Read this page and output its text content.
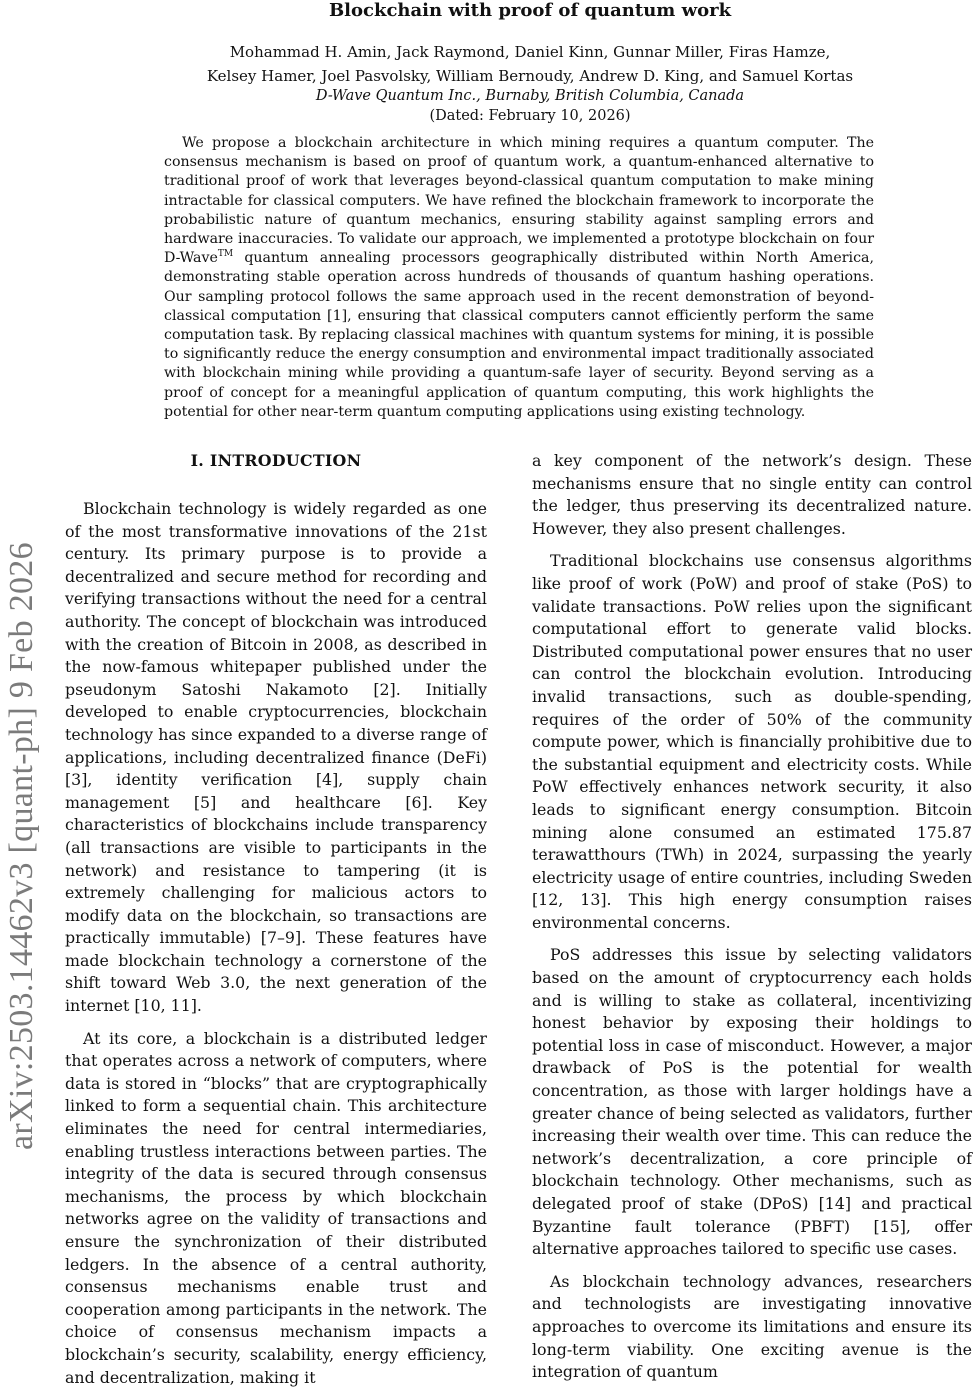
Blockchain with proof of quantum work
Mohammad H. Amin, Jack Raymond, Daniel Kinn, Gunnar Miller, Firas Hamze,
Kelsey Hamer, Joel Pasvolsky, William Bernoudy, Andrew D. King, and Samuel Kortas
D-Wave Quantum Inc., Burnaby, British Columbia, Canada
(Dated: February 10, 2026)
We propose a blockchain architecture in which mining requires a quantum computer. The consensus mechanism is based on proof of quantum work, a quantum-enhanced alternative to traditional proof of work that leverages beyond-classical quantum computation to make mining intractable for classical computers. We have refined the blockchain framework to incorporate the probabilistic nature of quantum mechanics, ensuring stability against sampling errors and hardware inaccuracies. To validate our approach, we implemented a prototype blockchain on four D-Wave™ quantum annealing processors geographically distributed within North America, demonstrating stable operation across hundreds of thousands of quantum hashing operations. Our sampling protocol follows the same approach used in the recent demonstration of beyond-classical computation [1], ensuring that classical computers cannot efficiently perform the same computation task. By replacing classical machines with quantum systems for mining, it is possible to significantly reduce the energy consumption and environmental impact traditionally associated with blockchain mining while providing a quantum-safe layer of security. Beyond serving as a proof of concept for a meaningful application of quantum computing, this work highlights the potential for other near-term quantum computing applications using existing technology.
arXiv:2503.14462v3 [quant-ph] 9 Feb 2026
I. INTRODUCTION

Blockchain technology is widely regarded as one of the most transformative innovations of the 21st century. Its primary purpose is to provide a decentralized and secure method for recording and verifying transactions without the need for a central authority. The concept of blockchain was introduced with the creation of Bitcoin in 2008, as described in the now-famous whitepaper published under the pseudonym Satoshi Nakamoto [2]. Initially developed to enable cryptocurrencies, blockchain technology has since expanded to a diverse range of applications, including decentralized finance (DeFi) [3], identity verification [4], supply chain management [5] and healthcare [6]. Key characteristics of blockchains include transparency (all transactions are visible to participants in the network) and resistance to tampering (it is extremely challenging for malicious actors to modify data on the blockchain, so transactions are practically immutable) [7–9]. These features have made blockchain technology a cornerstone of the shift toward Web 3.0, the next generation of the internet [10, 11].

At its core, a blockchain is a distributed ledger that operates across a network of computers, where data is stored in “blocks” that are cryptographically linked to form a sequential chain. This architecture eliminates the need for central intermediaries, enabling trustless interactions between parties. The integrity of the data is secured through consensus mechanisms, the process by which blockchain networks agree on the validity of transactions and ensure the synchronization of their distributed ledgers. In the absence of a central authority, consensus mechanisms enable trust and cooperation among participants in the network. The choice of consensus mechanism impacts a blockchain’s security, scalability, energy efficiency, and decentralization, making it

a key component of the network’s design. These mechanisms ensure that no single entity can control the ledger, thus preserving its decentralized nature. However, they also present challenges.

Traditional blockchains use consensus algorithms like proof of work (PoW) and proof of stake (PoS) to validate transactions. PoW relies upon the significant computational effort to generate valid blocks. Distributed computational power ensures that no user can control the blockchain evolution. Introducing invalid transactions, such as double-spending, requires of the order of 50% of the community compute power, which is financially prohibitive due to the substantial equipment and electricity costs. While PoW effectively enhances network security, it also leads to significant energy consumption. Bitcoin mining alone consumed an estimated 175.87 terawatthours (TWh) in 2024, surpassing the yearly electricity usage of entire countries, including Sweden [12, 13]. This high energy consumption raises environmental concerns.

PoS addresses this issue by selecting validators based on the amount of cryptocurrency each holds and is willing to stake as collateral, incentivizing honest behavior by exposing their holdings to potential loss in case of misconduct. However, a major drawback of PoS is the potential for wealth concentration, as those with larger holdings have a greater chance of being selected as validators, further increasing their wealth over time. This can reduce the network’s decentralization, a core principle of blockchain technology. Other mechanisms, such as delegated proof of stake (DPoS) [14] and practical Byzantine fault tolerance (PBFT) [15], offer alternative approaches tailored to specific use cases.

As blockchain technology advances, researchers and technologists are investigating innovative approaches to overcome its limitations and ensure its long-term viability. One exciting avenue is the integration of quantum
